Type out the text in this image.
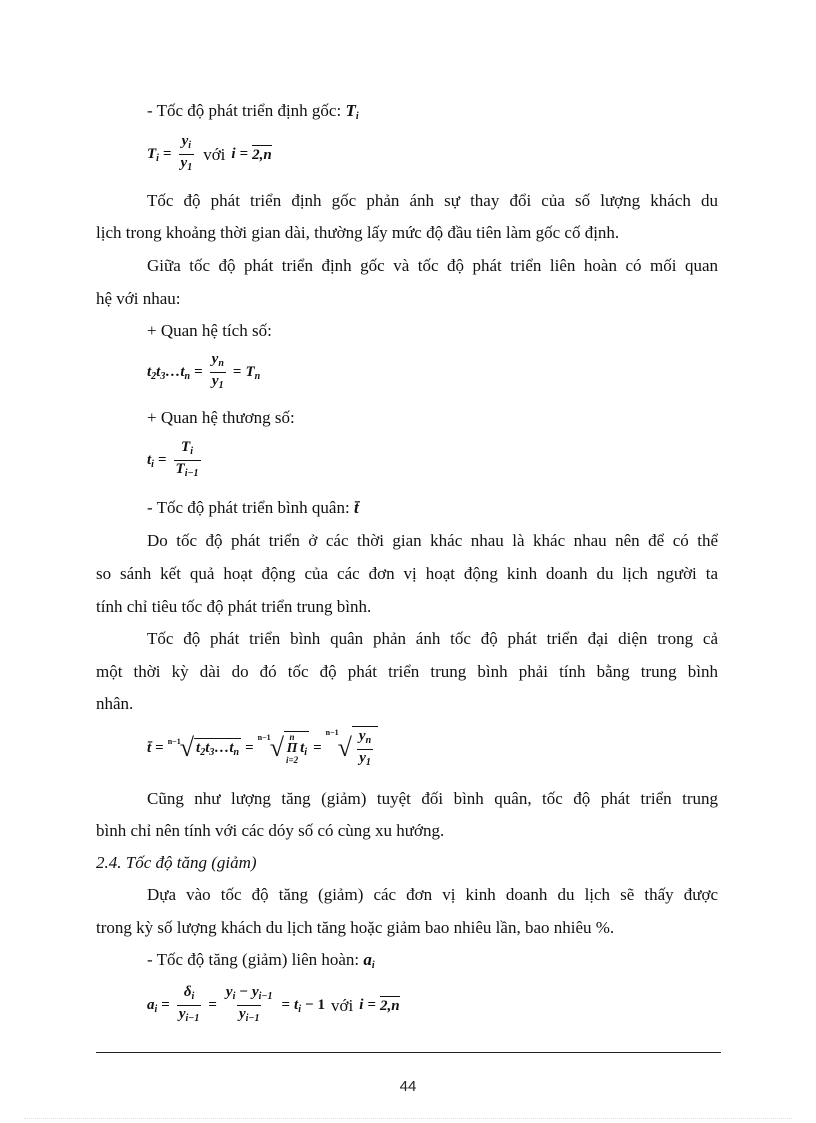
- Tốc độ phát triển định gốc: $T_i$
$T_i = \frac{y_i}{y_1}$ với i = 2,n
Tốc độ phát triển định gốc phản ánh sự thay đổi của số lượng khách du
lịch trong khoảng thời gian dài, thường lấy mức độ đầu tiên làm gốc cố định.
Giữa tốc độ phát triển định gốc và tốc độ phát triển liên hoàn có mối quan
hệ với nhau:
+ Quan hệ tích số:
$t_2t_3\dots t_n = \frac{y_n}{y_1} = T_n$
+ Quan hệ thương số:
$t_i = \frac{T_i}{T_{i-1}}$
- Tốc độ phát triển bình quân: t̄
Do tốc độ phát triển ở các thời gian khác nhau là khác nhau nên để có thể
so sánh kết quả hoạt động của các đơn vị hoạt động kinh doanh du lịch người ta
tính chỉ tiêu tốc độ phát triển trung bình.
Tốc độ phát triển bình quân phản ánh tốc độ phát triển đại diện trong cả
một thời kỳ dài do đó tốc độ phát triển trung bình phải tính bằng trung bình
nhân.
t̄ = n−1 √ $t_2t_3\dots t_n$ =
n−1 √ n
Π
i=2
$t_i$ =
n−1
√ $\frac{y_n}{y_1}$
Cũng như lượng tăng (giảm) tuyệt đối bình quân, tốc độ phát triển trung
bình chỉ nên tính với các dóy số có cùng xu hướng.
2.4. Tốc độ tăng (giảm)
Dựa vào tốc độ tăng (giảm) các đơn vị kinh doanh du lịch sẽ thấy được
trong kỳ số lượng khách du lịch tăng hoặc giảm bao nhiêu lần, bao nhiêu %.
- Tốc độ tăng (giảm) liên hoàn: $a_i$
$a_i = \frac{\delta_i}{y_{i-1}} = \frac{y_i - y_{i-1}}{y_{i-1}} = t_i - 1$ với i = 2,n
44
